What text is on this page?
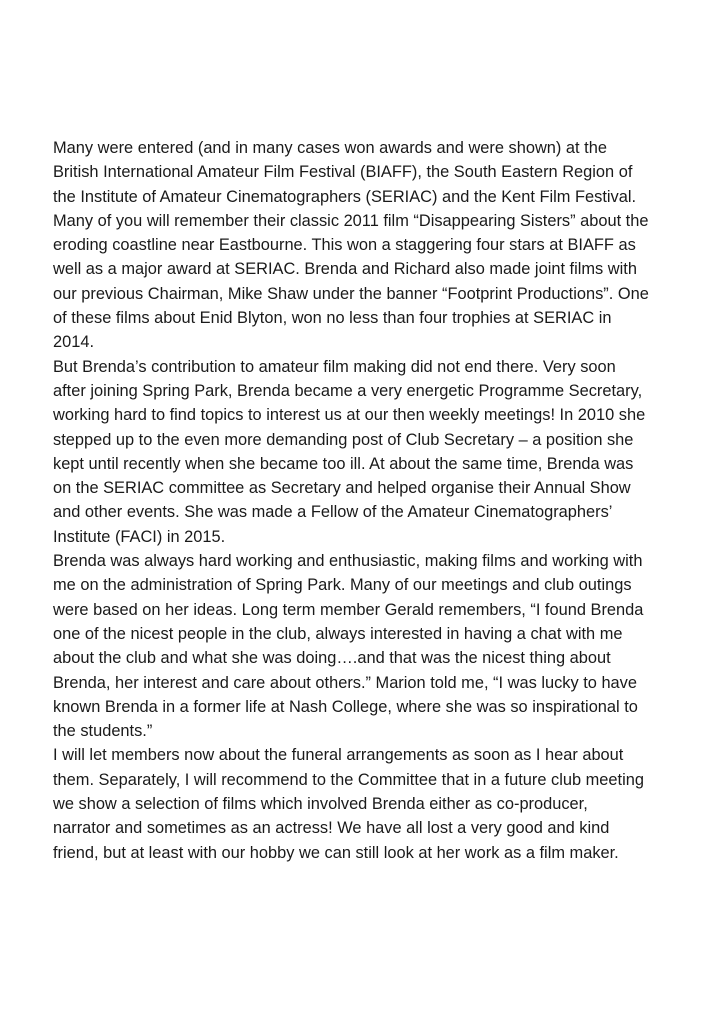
Many were entered (and in many cases won awards and were shown) at the
British International Amateur Film Festival (BIAFF), the South Eastern Region of
the Institute of Amateur Cinematographers (SERIAC) and the Kent Film Festival.
Many of you will remember their classic 2011 film “Disappearing Sisters” about the
eroding coastline near Eastbourne. This won a staggering four stars at BIAFF as
well as a major award at SERIAC. Brenda and Richard also made joint films with
our previous Chairman, Mike Shaw under the banner “Footprint Productions”. One
of these films about Enid Blyton, won no less than four trophies at SERIAC in
2014.
But Brenda’s contribution to amateur film making did not end there. Very soon
after joining Spring Park, Brenda became a very energetic Programme Secretary,
working hard to find topics to interest us at our then weekly meetings! In 2010 she
stepped up to the even more demanding post of Club Secretary – a position she
kept until recently when she became too ill. At about the same time, Brenda was
on the SERIAC committee as Secretary and helped organise their Annual Show
and other events. She was made a Fellow of the Amateur Cinematographers’
Institute (FACI) in 2015.
Brenda was always hard working and enthusiastic, making films and working with
me on the administration of Spring Park. Many of our meetings and club outings
were based on her ideas. Long term member Gerald remembers, “I found Brenda
one of the nicest people in the club, always interested in having a chat with me
about the club and what she was doing….and that was the nicest thing about
Brenda, her interest and care about others.” Marion told me, “I was lucky to have
known Brenda in a former life at Nash College, where she was so inspirational to
the students.”
I will let members now about the funeral arrangements as soon as I hear about
them. Separately, I will recommend to the Committee that in a future club meeting
we show a selection of films which involved Brenda either as co-producer,
narrator and sometimes as an actress! We have all lost a very good and kind
friend, but at least with our hobby we can still look at her work as a film maker.
